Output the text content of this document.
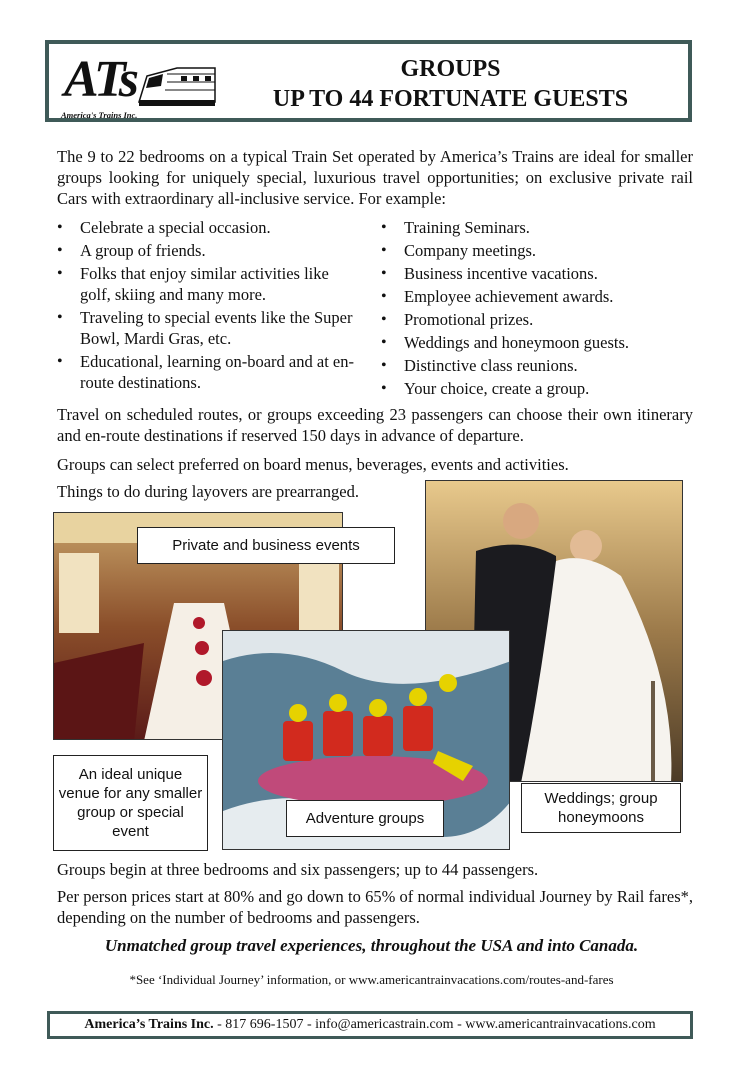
ATs
America's Trains Inc.
GROUPS
UP TO 44 FORTUNATE GUESTS

The 9 to 22 bedrooms on a typical Train Set operated by America’s Trains are ideal for smaller groups looking for uniquely special, luxurious travel opportunities; on exclusive private rail Cars with extraordinary all-inclusive service. For example:

• Celebrate a special occasion.
• A group of friends.
• Folks that enjoy similar activities like golf, skiing and many more.
• Traveling to special events like the Super Bowl, Mardi Gras, etc.
• Educational, learning on-board and at en-route destinations.
• Training Seminars.
• Company meetings.
• Business incentive vacations.
• Employee achievement awards.
• Promotional prizes.
• Weddings and honeymoon guests.
• Distinctive class reunions.
• Your choice, create a group.

Travel on scheduled routes, or groups exceeding 23 passengers can choose their own itinerary and en-route destinations if reserved 150 days in advance of departure.

Groups can select preferred on board menus, beverages, events and activities.

Things to do during layovers are prearranged.

Private and business events
An ideal unique venue for any smaller group or special event
Adventure groups
Weddings; group honeymoons

Groups begin at three bedrooms and six passengers; up to 44 passengers.

Per person prices start at 80% and go down to 65% of normal individual Journey by Rail fares*, depending on the number of bedrooms and passengers.

Unmatched group travel experiences, throughout the USA and into Canada.
*See ‘Individual Journey’ information, or www.americantrainvacations.com/routes-and-fares
America’s Trains Inc. - 817 696-1507 - info@americastrain.com - www.americantrainvacations.com
